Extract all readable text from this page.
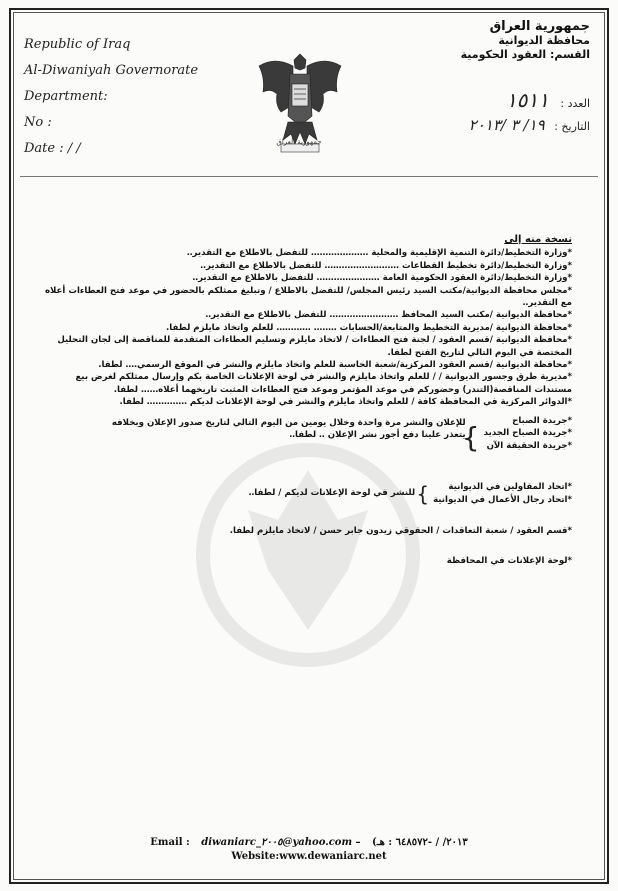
Republic of Iraq
Al-Diwaniyah Governorate
Department:
No :
Date : / /
جمهورية العراق
محافظة الديوانية
القسم: العقود الحكومية
العدد : ١٥١١
التاريخ : ١٩/ ٣ /٢٠١٣
جمهورية العراق
نسخة منه إلى

*وزارة التخطيط/دائرة التنمية الإقليمية والمحلية ‥‥‥‥‥‥‥‥‥‥ للتفضل بالاطلاع مع التقدير‥

*وزارة التخطيط/دائرة تخطيط القطاعات ‥‥‥‥‥‥‥‥‥‥‥‥‥ للتفضل بالاطلاع مع التقدير‥

*وزارة التخطيط/دائرة العقود الحكومية العامة ‥‥‥‥‥‥‥‥‥‥‥ للتفضل بالاطلاع مع التقدير‥

*مجلس محافظة الديوانية/مكتب السيد رئيس المجلس/ للتفضل بالاطلاع / وتبليغ ممثلكم بالحضور في موعد فتح العطاءات أعلاه مع التقدير‥

*محافظة الديوانية /مكتب السيد المحافظ ‥‥‥‥‥‥‥‥‥‥‥‥ للتفضل بالاطلاع مع التقدير‥

*محافظة الديوانية /مديرية التخطيط والمتابعة/الحسابات ‥‥‥‥ ‥‥‥‥‥‥ للعلم واتخاذ مايلزم لطفا.

*محافظة الديوانية /قسم العقود / لجنة فتح العطاءات / لاتخاذ مايلزم وتسليم العطاءات المتقدمة للمناقصة إلى لجان التحليل المختصة في اليوم التالي لتاريخ الفتح لطفا.

*محافظة الديوانية /قسم العقود المركزية/شعبة الحاسبة للعلم واتخاذ مايلزم والنشر في الموقع الرسمي‥‥ لطفا.

*مديرية طرق وجسور الديوانية / / للعلم واتخاذ مايلزم والنشر في لوحة الإعلانات الخاصة بكم وإرسال ممثلكم لغرض بيع مستندات المناقصة(التندر) وحضوركم في موعد المؤتمر وموعد فتح العطاءات المثبت تاريخهما أعلاه‥‥‥ لطفا.

*الدوائر المركزية في المحافظة كافة / للعلم واتخاذ مايلزم والنشر في لوحة الإعلانات لديكم ‥‥‥‥‥‥‥ لطفا.

*جريدة الصباح
*جريدة الصباح الجديد
*جريدة الحقيقة الآن
}
للإعلان والنشر مرة واحدة وخلال يومين من اليوم التالي لتاريخ صدور الإعلان وبخلافه
يتعذر علينا دفع أجور نشر الإعلان ‥ لطفا‥
*اتحاد المقاولين في الديوانية
*اتحاد رجال الأعمال في الديوانية
}
للنشر في لوحة الإعلانات لديكم / لطفا‥

*قسم العقود / شعبة التعاقدات / الحقوقي زيدون جابر حسن / لاتخاذ مايلزم لطفا.

*لوحة الإعلانات في المحافظة

Email : diwaniarc_٢٠٠٥@yahoo.com – (٢٠١٣/ / -٦٤٨٥٧٢ : هـ
Website:www.dewaniarc.net
